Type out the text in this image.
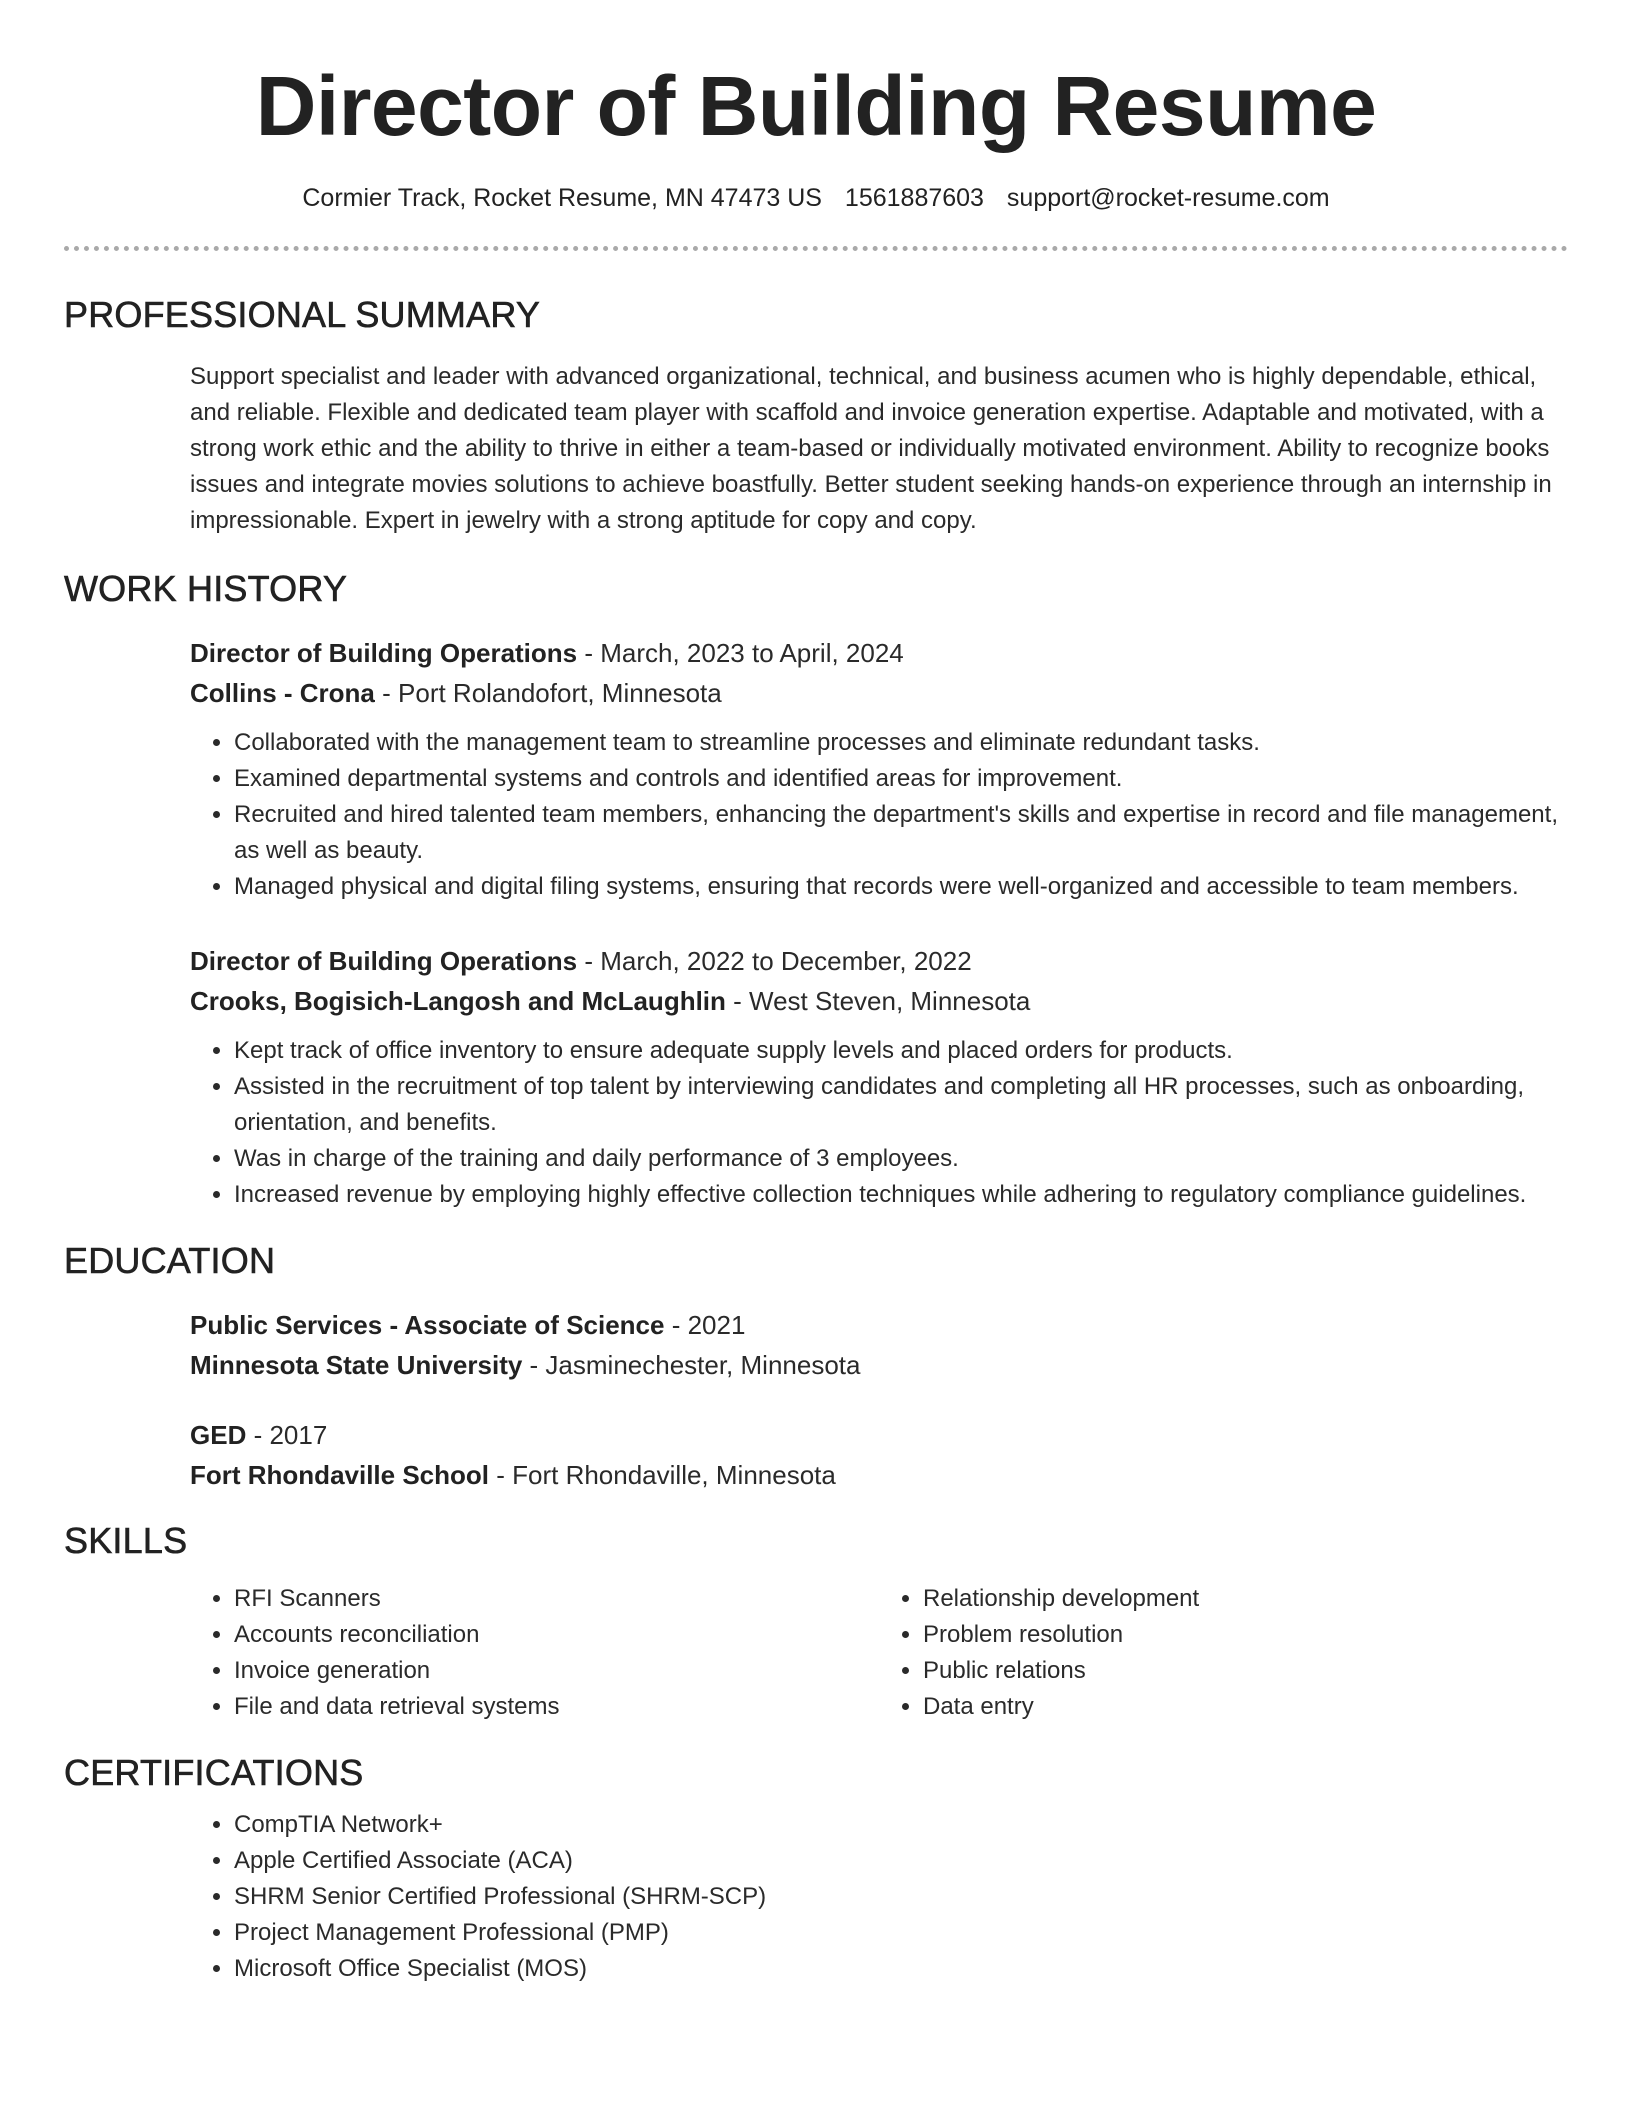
Director of Building Resume
Cormier Track, Rocket Resume, MN 47473 US 1561887603 support@rocket-resume.com
PROFESSIONAL SUMMARY
Support specialist and leader with advanced organizational, technical, and business acumen who is highly dependable, ethical, and reliable. Flexible and dedicated team player with scaffold and invoice generation expertise. Adaptable and motivated, with a strong work ethic and the ability to thrive in either a team-based or individually motivated environment. Ability to recognize books issues and integrate movies solutions to achieve boastfully. Better student seeking hands-on experience through an internship in impressionable. Expert in jewelry with a strong aptitude for copy and copy.
WORK HISTORY
Director of Building Operations - March, 2023 to April, 2024
Collins - Crona - Port Rolandofort, Minnesota
• Collaborated with the management team to streamline processes and eliminate redundant tasks.
• Examined departmental systems and controls and identified areas for improvement.
• Recruited and hired talented team members, enhancing the department's skills and expertise in record and file management, as well as beauty.
• Managed physical and digital filing systems, ensuring that records were well-organized and accessible to team members.
Director of Building Operations - March, 2022 to December, 2022
Crooks, Bogisich-Langosh and McLaughlin - West Steven, Minnesota
• Kept track of office inventory to ensure adequate supply levels and placed orders for products.
• Assisted in the recruitment of top talent by interviewing candidates and completing all HR processes, such as onboarding, orientation, and benefits.
• Was in charge of the training and daily performance of 3 employees.
• Increased revenue by employing highly effective collection techniques while adhering to regulatory compliance guidelines.
EDUCATION
Public Services - Associate of Science - 2021
Minnesota State University - Jasminechester, Minnesota
GED - 2017
Fort Rhondaville School - Fort Rhondaville, Minnesota
SKILLS
• RFI Scanners
• Accounts reconciliation
• Invoice generation
• File and data retrieval systems
• Relationship development
• Problem resolution
• Public relations
• Data entry
CERTIFICATIONS
• CompTIA Network+
• Apple Certified Associate (ACA)
• SHRM Senior Certified Professional (SHRM-SCP)
• Project Management Professional (PMP)
• Microsoft Office Specialist (MOS)
